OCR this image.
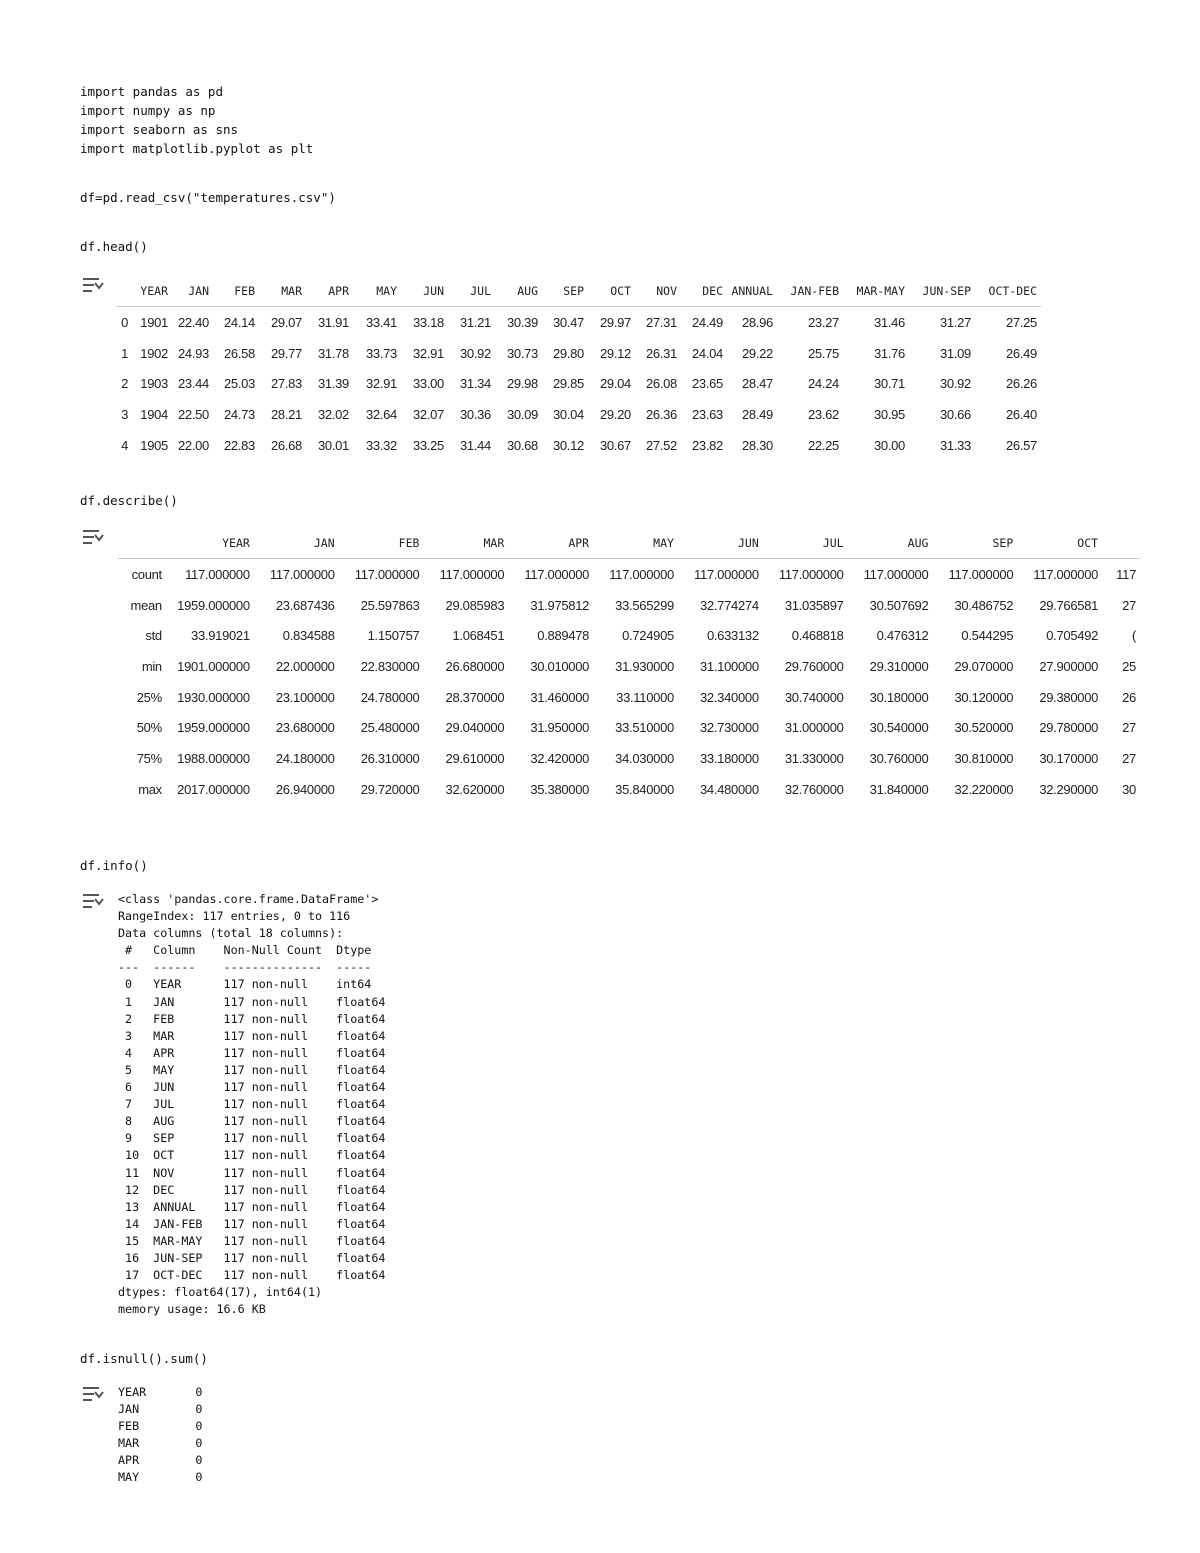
import pandas as pd
import numpy as np
import seaborn as sns
import matplotlib.pyplot as plt
df=pd.read_csv("temperatures.csv")
df.head()
	YEAR	JAN	FEB	MAR	APR	MAY	JUN	JUL	AUG	SEP	OCT	NOV	DEC	ANNUAL	JAN-FEB	MAR-MAY	JUN-SEP	OCT-DEC
0	1901	22.40	24.14	29.07	31.91	33.41	33.18	31.21	30.39	30.47	29.97	27.31	24.49	28.96	23.27	31.46	31.27	27.25
1	1902	24.93	26.58	29.77	31.78	33.73	32.91	30.92	30.73	29.80	29.12	26.31	24.04	29.22	25.75	31.76	31.09	26.49
2	1903	23.44	25.03	27.83	31.39	32.91	33.00	31.34	29.98	29.85	29.04	26.08	23.65	28.47	24.24	30.71	30.92	26.26
3	1904	22.50	24.73	28.21	32.02	32.64	32.07	30.36	30.09	30.04	29.20	26.36	23.63	28.49	23.62	30.95	30.66	26.40
4	1905	22.00	22.83	26.68	30.01	33.32	33.25	31.44	30.68	30.12	30.67	27.52	23.82	28.30	22.25	30.00	31.33	26.57
df.describe()
	YEAR	JAN	FEB	MAR	APR	MAY	JUN	JUL	AUG	SEP	OCT	
count	117.000000	117.000000	117.000000	117.000000	117.000000	117.000000	117.000000	117.000000	117.000000	117.000000	117.000000	117
mean	1959.000000	23.687436	25.597863	29.085983	31.975812	33.565299	32.774274	31.035897	30.507692	30.486752	29.766581	27
std	33.919021	0.834588	1.150757	1.068451	0.889478	0.724905	0.633132	0.468818	0.476312	0.544295	0.705492	(
min	1901.000000	22.000000	22.830000	26.680000	30.010000	31.930000	31.100000	29.760000	29.310000	29.070000	27.900000	25
25%	1930.000000	23.100000	24.780000	28.370000	31.460000	33.110000	32.340000	30.740000	30.180000	30.120000	29.380000	26
50%	1959.000000	23.680000	25.480000	29.040000	31.950000	33.510000	32.730000	31.000000	30.540000	30.520000	29.780000	27
75%	1988.000000	24.180000	26.310000	29.610000	32.420000	34.030000	33.180000	31.330000	30.760000	30.810000	30.170000	27
max	2017.000000	26.940000	29.720000	32.620000	35.380000	35.840000	34.480000	32.760000	31.840000	32.220000	32.290000	30
df.info()
<class 'pandas.core.frame.DataFrame'>
RangeIndex: 117 entries, 0 to 116
Data columns (total 18 columns):
#   Column    Non-Null Count  Dtype
---  ------    --------------  -----
0   YEAR      117 non-null    int64
1   JAN       117 non-null    float64
2   FEB       117 non-null    float64
3   MAR       117 non-null    float64
4   APR       117 non-null    float64
5   MAY       117 non-null    float64
6   JUN       117 non-null    float64
7   JUL       117 non-null    float64
8   AUG       117 non-null    float64
9   SEP       117 non-null    float64
10  OCT       117 non-null    float64
11  NOV       117 non-null    float64
12  DEC       117 non-null    float64
13  ANNUAL    117 non-null    float64
14  JAN-FEB   117 non-null    float64
15  MAR-MAY   117 non-null    float64
16  JUN-SEP   117 non-null    float64
17  OCT-DEC   117 non-null    float64
dtypes: float64(17), int64(1)
memory usage: 16.6 KB
df.isnull().sum()
YEAR       0
JAN        0
FEB        0
MAR        0
APR        0
MAY        0
